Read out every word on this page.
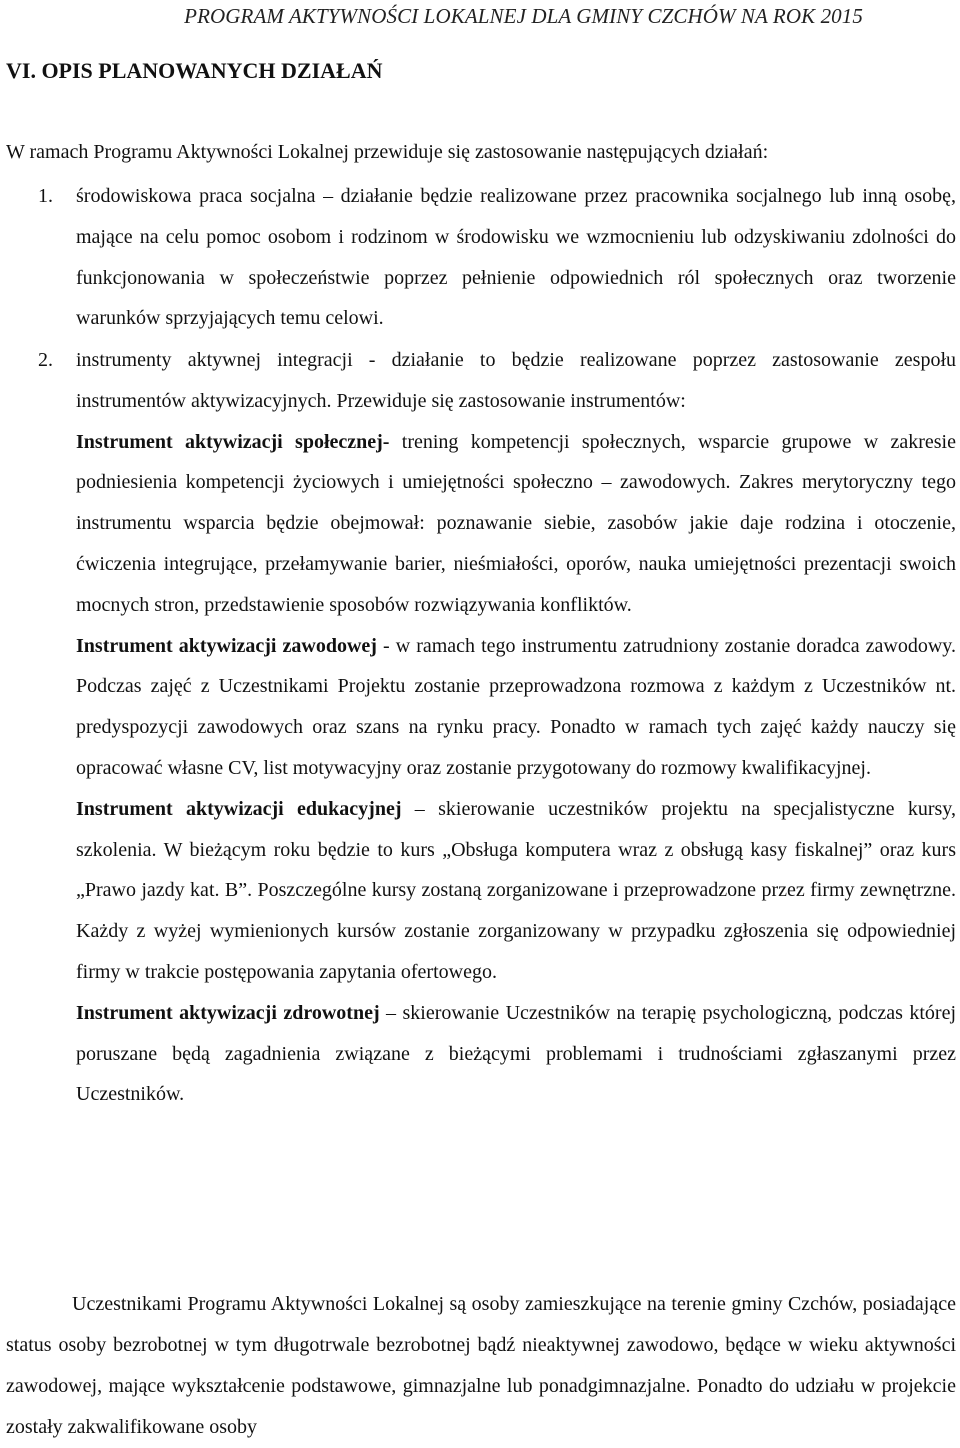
PROGRAM AKTYWNOŚCI LOKALNEJ DLA GMINY CZCHÓW NA ROK 2015
VI. OPIS PLANOWANYCH DZIAŁAŃ
W ramach Programu Aktywności Lokalnej przewiduje się zastosowanie następujących działań:
1. środowiskowa praca socjalna – działanie będzie realizowane przez pracownika socjalnego lub inną osobę, mające na celu pomoc osobom i rodzinom w środowisku we wzmocnieniu lub odzyskiwaniu zdolności do funkcjonowania w społeczeństwie poprzez pełnienie odpowiednich ról społecznych oraz tworzenie warunków sprzyjających temu celowi.

2. instrumenty aktywnej integracji - działanie to będzie realizowane poprzez zastosowanie zespołu instrumentów aktywizacyjnych. Przewiduje się zastosowanie instrumentów:

Instrument aktywizacji społecznej- trening kompetencji społecznych, wsparcie grupowe w zakresie podniesienia kompetencji życiowych i umiejętności społeczno – zawodowych. Zakres merytoryczny tego instrumentu wsparcia będzie obejmował: poznawanie siebie, zasobów jakie daje rodzina i otoczenie, ćwiczenia integrujące, przełamywanie barier, nieśmiałości, oporów, nauka umiejętności prezentacji swoich mocnych stron, przedstawienie sposobów rozwiązywania konfliktów.

Instrument aktywizacji zawodowej - w ramach tego instrumentu zatrudniony zostanie doradca zawodowy. Podczas zajęć z Uczestnikami Projektu zostanie przeprowadzona rozmowa z każdym z Uczestników nt. predyspozycji zawodowych oraz szans na rynku pracy. Ponadto w ramach tych zajęć każdy nauczy się opracować własne CV, list motywacyjny oraz zostanie przygotowany do rozmowy kwalifikacyjnej.

Instrument aktywizacji edukacyjnej – skierowanie uczestników projektu na specjalistyczne kursy, szkolenia. W bieżącym roku będzie to kurs „Obsługa komputera wraz z obsługą kasy fiskalnej” oraz kurs „Prawo jazdy kat. B”. Poszczególne kursy zostaną zorganizowane i przeprowadzone przez firmy zewnętrzne. Każdy z wyżej wymienionych kursów zostanie zorganizowany w przypadku zgłoszenia się odpowiedniej firmy w trakcie postępowania zapytania ofertowego.

Instrument aktywizacji zdrowotnej – skierowanie Uczestników na terapię psychologiczną, podczas której poruszane będą zagadnienia związane z bieżącymi problemami i trudnościami zgłaszanymi przez Uczestników.

Uczestnikami Programu Aktywności Lokalnej są osoby zamieszkujące na terenie gminy Czchów, posiadające status osoby bezrobotnej w tym długotrwale bezrobotnej bądź nieaktywnej zawodowo, będące w wieku aktywności zawodowej, mające wykształcenie podstawowe, gimnazjalne lub ponadgimnazjalne. Ponadto do udziału w projekcie zostały zakwalifikowane osoby
